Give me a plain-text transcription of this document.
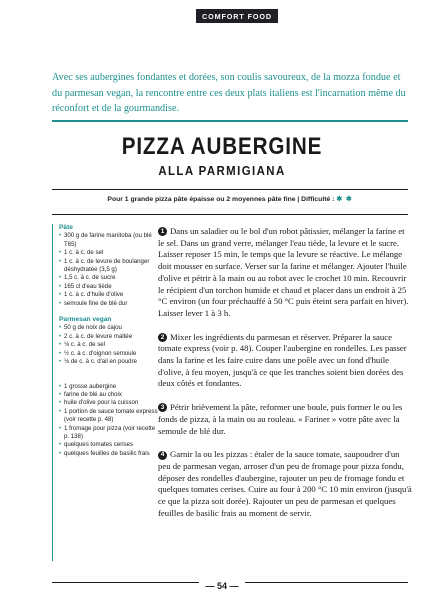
COMFORT FOOD

Avec ses aubergines fondantes et dorées, son coulis savoureux, de la mozza fondue et du parmesan vegan, la rencontre entre ces deux plats italiens est l'incarnation même du réconfort et de la gourmandise.

PIZZA AUBERGINE
ALLA PARMIGIANA
Pour 1 grande pizza pâte épaisse ou 2 moyennes pâte fine | Difficulté : ✱ ✱
Pâte
• 300 g de farine manitoba (ou blé T65)
• 1 c. à c. de sel
• 1 c. à c. de levure de boulanger déshydratée (3,5 g)
• 1,5 c. à c. de sucre
• 165 cl d'eau tiède
• 1 c. à c. d'huile d'olive
• semoule fine de blé dur
Parmesan vegan
• 50 g de noix de cajou
• 2 c. à c. de levure maltée
• ⅛ c. à c. de sel
• ½ c. à c. d'oignon semoule
• ⅛ de c. à c. d'ail en poudre
• 1 grosse aubergine
• farine de blé au choix
• huile d'olive pour la cuisson
• 1 portion de sauce tomate express (voir recette p. 48)
• 1 fromage pour pizza (voir recette p. 138)
• quelques tomates cerises
• quelques feuilles de basilic frais

1 Dans un saladier ou le bol d'un robot pâtissier, mélanger la farine et le sel. Dans un grand verre, mélanger l'eau tiède, la levure et le sucre. Laisser reposer 15 min, le temps que la levure se réactive. Le mélange doit mousser en surface. Verser sur la farine et mélanger. Ajouter l'huile d'olive et pétrir à la main ou au robot avec le crochet 10 min. Recouvrir le récipient d'un torchon humide et chaud et placer dans un endroit à 25 °C environ (un four préchauffé à 50 °C puis éteint sera parfait en hiver). Laisser lever 1 à 3 h.

2 Mixer les ingrédients du parmesan et réserver. Préparer la sauce tomate express (voir p. 48). Couper l'aubergine en rondelles. Les passer dans la farine et les faire cuire dans une poêle avec un fond d'huile d'olive, à feu moyen, jusqu'à ce que les tranches soient bien dorées des deux côtés et fondantes.

3 Pétrir brièvement la pâte, reformer une boule, puis former le ou les fonds de pizza, à la main ou au rouleau. « Fariner » votre pâte avec la semoule de blé dur.

4 Garnir la ou les pizzas : étaler de la sauce tomate, saupoudrer d'un peu de parmesan vegan, arroser d'un peu de fromage pour pizza fondu, déposer des rondelles d'aubergine, rajouter un peu de fromage fondu et quelques tomates cerises. Cuire au four à 200 °C 10 min environ (jusqu'à ce que la pizza soit dorée). Rajouter un peu de parmesan et quelques feuilles de basilic frais au moment de servir.

— 54 —
